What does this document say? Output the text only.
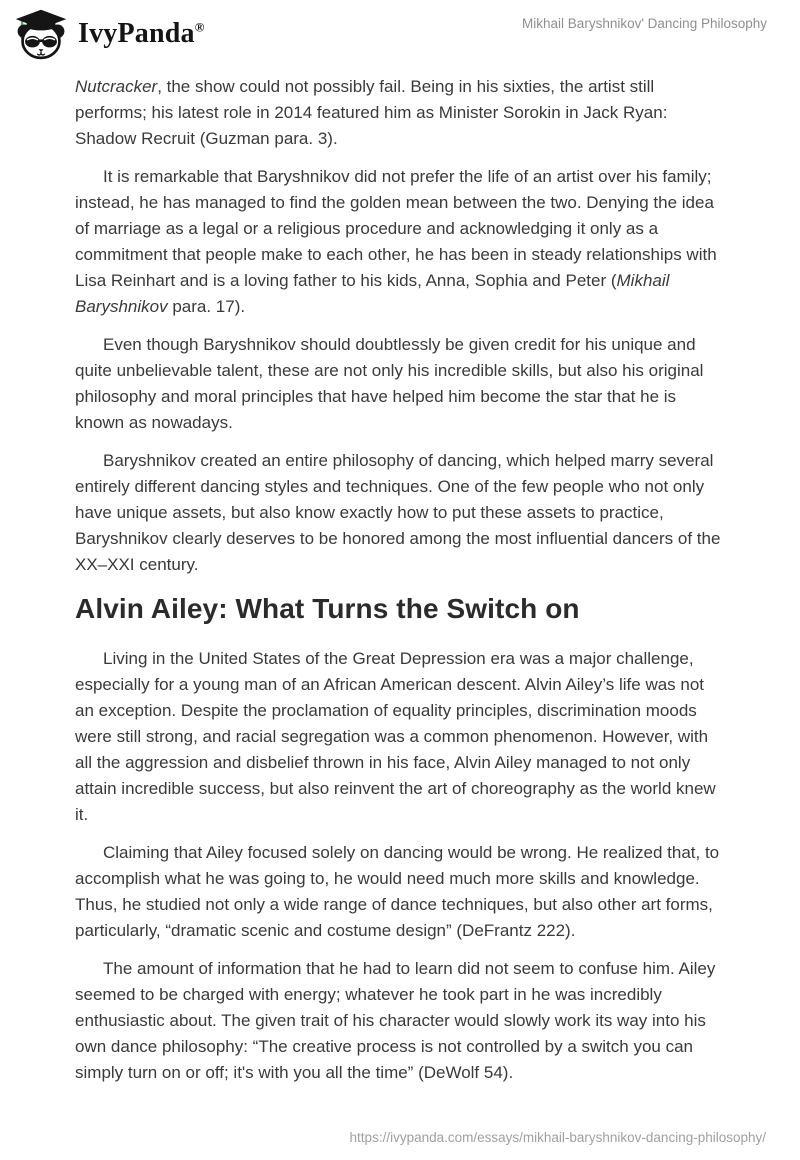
IvyPanda®	Mikhail Baryshnikov' Dancing Philosophy

Nutcracker, the show could not possibly fail. Being in his sixties, the artist still performs; his latest role in 2014 featured him as Minister Sorokin in Jack Ryan: Shadow Recruit (Guzman para. 3).

It is remarkable that Baryshnikov did not prefer the life of an artist over his family; instead, he has managed to find the golden mean between the two. Denying the idea of marriage as a legal or a religious procedure and acknowledging it only as a commitment that people make to each other, he has been in steady relationships with Lisa Reinhart and is a loving father to his kids, Anna, Sophia and Peter (Mikhail Baryshnikov para. 17).

Even though Baryshnikov should doubtlessly be given credit for his unique and quite unbelievable talent, these are not only his incredible skills, but also his original philosophy and moral principles that have helped him become the star that he is known as nowadays.

Baryshnikov created an entire philosophy of dancing, which helped marry several entirely different dancing styles and techniques. One of the few people who not only have unique assets, but also know exactly how to put these assets to practice, Baryshnikov clearly deserves to be honored among the most influential dancers of the XX–XXI century.

Alvin Ailey: What Turns the Switch on

Living in the United States of the Great Depression era was a major challenge, especially for a young man of an African American descent. Alvin Ailey’s life was not an exception. Despite the proclamation of equality principles, discrimination moods were still strong, and racial segregation was a common phenomenon. However, with all the aggression and disbelief thrown in his face, Alvin Ailey managed to not only attain incredible success, but also reinvent the art of choreography as the world knew it.

Claiming that Ailey focused solely on dancing would be wrong. He realized that, to accomplish what he was going to, he would need much more skills and knowledge. Thus, he studied not only a wide range of dance techniques, but also other art forms, particularly, “dramatic scenic and costume design” (DeFrantz 222).

The amount of information that he had to learn did not seem to confuse him. Ailey seemed to be charged with energy; whatever he took part in he was incredibly enthusiastic about. The given trait of his character would slowly work its way into his own dance philosophy: “The creative process is not controlled by a switch you can simply turn on or off; it's with you all the time” (DeWolf 54).

https://ivypanda.com/essays/mikhail-baryshnikov-dancing-philosophy/
